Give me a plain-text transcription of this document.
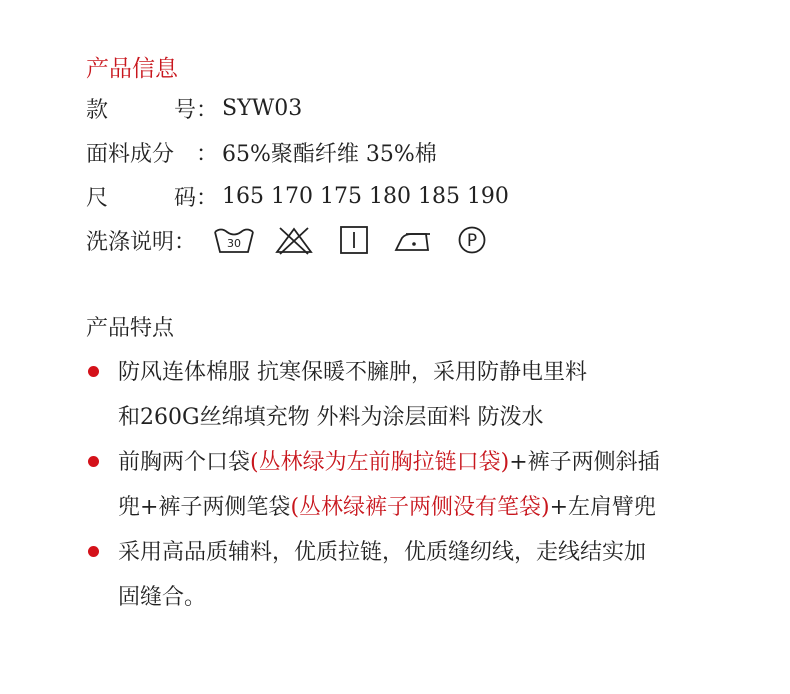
产品信息
款	号 ： SYW03
面料成分 ： 65%聚酯纤维 35%棉
尺	码 ： 165 170 175 180 185 190
洗涤说明：	30	P
产品特点
防风连体棉服 抗寒保暖不臃肿，采用防静电里料
和260G丝绵填充物 外料为涂层面料 防泼水
前胸两个口袋(丛林绿为左前胸拉链口袋)+裤子两侧斜插
兜+裤子两侧笔袋(丛林绿裤子两侧没有笔袋)+左肩臂兜
采用高品质辅料，优质拉链，优质缝纫线，走线结实加
固缝合。
